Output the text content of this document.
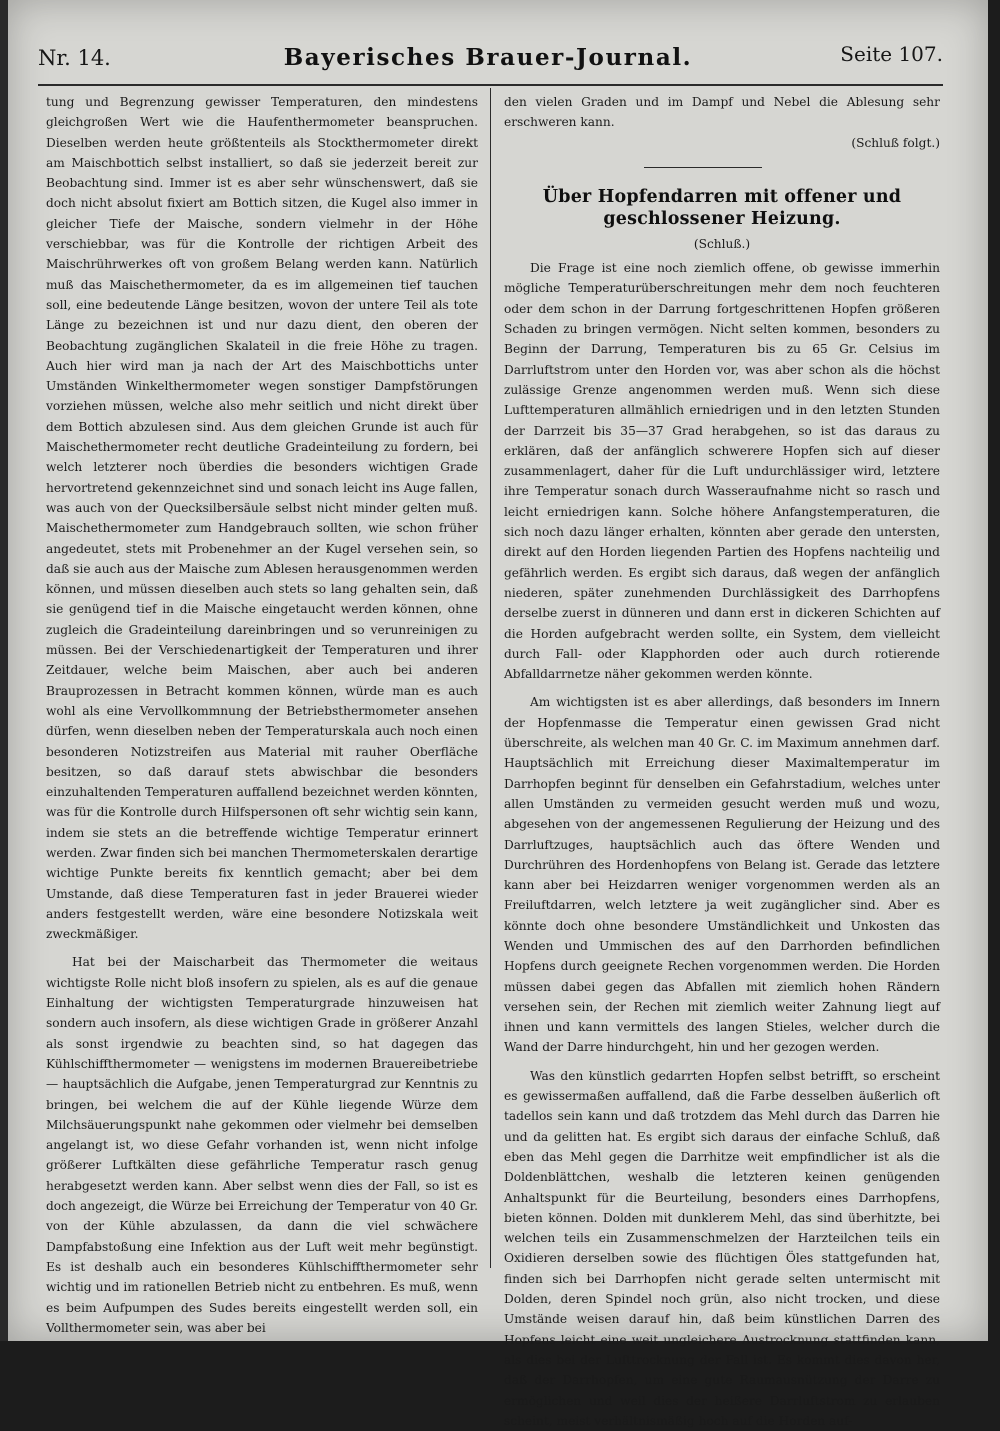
Nr. 14.	Bayerisches Brauer-Journal.	Seite 107.

tung und Begrenzung gewisser Temperaturen, den mindestens gleichgroßen Wert wie die Haufenthermometer beanspruchen. Dieselben werden heute größtenteils als Stockthermometer direkt am Maischbottich selbst installiert, so daß sie jederzeit bereit zur Beobachtung sind. Immer ist es aber sehr wünschenswert, daß sie doch nicht absolut fixiert am Bottich sitzen, die Kugel also immer in gleicher Tiefe der Maische, sondern vielmehr in der Höhe verschiebbar, was für die Kontrolle der richtigen Arbeit des Maischrührwerkes oft von großem Belang werden kann. Natürlich muß das Maischethermometer, da es im allgemeinen tief tauchen soll, eine bedeutende Länge besitzen, wovon der untere Teil als tote Länge zu bezeichnen ist und nur dazu dient, den oberen der Beobachtung zugänglichen Skalateil in die freie Höhe zu tragen. Auch hier wird man ja nach der Art des Maischbottichs unter Umständen Winkelthermometer wegen sonstiger Dampfstörungen vorziehen müssen, welche also mehr seitlich und nicht direkt über dem Bottich abzulesen sind. Aus dem gleichen Grunde ist auch für Maischethermometer recht deutliche Gradeinteilung zu fordern, bei welch letzterer noch überdies die besonders wichtigen Grade hervortretend gekennzeichnet sind und sonach leicht ins Auge fallen, was auch von der Quecksilbersäule selbst nicht minder gelten muß. Maischethermometer zum Handgebrauch sollten, wie schon früher angedeutet, stets mit Probenehmer an der Kugel versehen sein, so daß sie auch aus der Maische zum Ablesen herausgenommen werden können, und müssen dieselben auch stets so lang gehalten sein, daß sie genügend tief in die Maische eingetaucht werden können, ohne zugleich die Gradeinteilung dareinbringen und so verunreinigen zu müssen. Bei der Verschiedenartigkeit der Temperaturen und ihrer Zeitdauer, welche beim Maischen, aber auch bei anderen Brauprozessen in Betracht kommen können, würde man es auch wohl als eine Vervollkommnung der Betriebsthermometer ansehen dürfen, wenn dieselben neben der Temperaturskala auch noch einen besonderen Notizstreifen aus Material mit rauher Oberfläche besitzen, so daß darauf stets abwischbar die besonders einzuhaltenden Temperaturen auffallend bezeichnet werden könnten, was für die Kontrolle durch Hilfspersonen oft sehr wichtig sein kann, indem sie stets an die betreffende wichtige Temperatur erinnert werden. Zwar finden sich bei manchen Thermometerskalen derartige wichtige Punkte bereits fix kenntlich gemacht; aber bei dem Umstande, daß diese Temperaturen fast in jeder Brauerei wieder anders festgestellt werden, wäre eine besondere Notizskala weit zweckmäßiger.

Hat bei der Maischarbeit das Thermometer die weitaus wichtigste Rolle nicht bloß insofern zu spielen, als es auf die genaue Einhaltung der wichtigsten Temperaturgrade hinzuweisen hat sondern auch insofern, als diese wichtigen Grade in größerer Anzahl als sonst irgendwie zu beachten sind, so hat dagegen das Kühlschiffthermometer — wenigstens im modernen Brauereibetriebe — hauptsächlich die Aufgabe, jenen Temperaturgrad zur Kenntnis zu bringen, bei welchem die auf der Kühle liegende Würze dem Milchsäuerungspunkt nahe gekommen oder vielmehr bei demselben angelangt ist, wo diese Gefahr vorhanden ist, wenn nicht infolge größerer Luftkälten diese gefährliche Temperatur rasch genug herabgesetzt werden kann. Aber selbst wenn dies der Fall, so ist es doch angezeigt, die Würze bei Erreichung der Temperatur von 40 Gr. von der Kühle abzulassen, da dann die viel schwächere Dampfabstoßung eine Infektion aus der Luft weit mehr begünstigt. Es ist deshalb auch ein besonderes Kühlschiffthermometer sehr wichtig und im rationellen Betrieb nicht zu entbehren. Es muß, wenn es beim Aufpumpen des Sudes bereits eingestellt werden soll, ein Vollthermometer sein, was aber bei

den vielen Graden und im Dampf und Nebel die Ablesung sehr erschweren kann.

(Schluß folgt.)
Über Hopfendarren mit offener und geschlossener Heizung.
(Schluß.)

Die Frage ist eine noch ziemlich offene, ob gewisse immerhin mögliche Temperaturüberschreitungen mehr dem noch feuchteren oder dem schon in der Darrung fortgeschrittenen Hopfen größeren Schaden zu bringen vermögen. Nicht selten kommen, besonders zu Beginn der Darrung, Temperaturen bis zu 65 Gr. Celsius im Darrluftstrom unter den Horden vor, was aber schon als die höchst zulässige Grenze angenommen werden muß. Wenn sich diese Lufttemperaturen allmählich erniedrigen und in den letzten Stunden der Darrzeit bis 35—37 Grad herabgehen, so ist das daraus zu erklären, daß der anfänglich schwerere Hopfen sich auf dieser zusammenlagert, daher für die Luft undurchlässiger wird, letztere ihre Temperatur sonach durch Wasseraufnahme nicht so rasch und leicht erniedrigen kann. Solche höhere Anfangstemperaturen, die sich noch dazu länger erhalten, könnten aber gerade den untersten, direkt auf den Horden liegenden Partien des Hopfens nachteilig und gefährlich werden. Es ergibt sich daraus, daß wegen der anfänglich niederen, später zunehmenden Durchlässigkeit des Darrhopfens derselbe zuerst in dünneren und dann erst in dickeren Schichten auf die Horden aufgebracht werden sollte, ein System, dem vielleicht durch Fall- oder Klapphorden oder auch durch rotierende Abfalldarrnetze näher gekommen werden könnte.

Am wichtigsten ist es aber allerdings, daß besonders im Innern der Hopfenmasse die Temperatur einen gewissen Grad nicht überschreite, als welchen man 40 Gr. C. im Maximum annehmen darf. Hauptsächlich mit Erreichung dieser Maximaltemperatur im Darrhopfen beginnt für denselben ein Gefahrstadium, welches unter allen Umständen zu vermeiden gesucht werden muß und wozu, abgesehen von der angemessenen Regulierung der Heizung und des Darrluftzuges, hauptsächlich auch das öftere Wenden und Durchrühren des Hordenhopfens von Belang ist. Gerade das letztere kann aber bei Heizdarren weniger vorgenommen werden als an Freiluftdarren, welch letztere ja weit zugänglicher sind. Aber es könnte doch ohne besondere Umständlichkeit und Unkosten das Wenden und Ummischen des auf den Darrhorden befindlichen Hopfens durch geeignete Rechen vorgenommen werden. Die Horden müssen dabei gegen das Abfallen mit ziemlich hohen Rändern versehen sein, der Rechen mit ziemlich weiter Zahnung liegt auf ihnen und kann vermittels des langen Stieles, welcher durch die Wand der Darre hindurchgeht, hin und her gezogen werden.

Was den künstlich gedarrten Hopfen selbst betrifft, so erscheint es gewissermaßen auffallend, daß die Farbe desselben äußerlich oft tadellos sein kann und daß trotzdem das Mehl durch das Darren hie und da gelitten hat. Es ergibt sich daraus der einfache Schluß, daß eben das Mehl gegen die Darrhitze weit empfindlicher ist als die Doldenblättchen, weshalb die letzteren keinen genügenden Anhaltspunkt für die Beurteilung, besonders eines Darrhopfens, bieten können. Dolden mit dunklerem Mehl, das sind überhitzte, bei welchen teils ein Zusammenschmelzen der Harzteilchen teils ein Oxidieren derselben sowie des flüchtigen Öles stattgefunden hat, finden sich bei Darrhopfen nicht gerade selten untermischt mit Dolden, deren Spindel noch grün, also nicht trocken, und diese Umstände weisen darauf hin, daß beim künstlichen Darren des Hopfens leicht eine weit ungleichere Austrocknung stattfinden kann, als dies bei der Lufttrocknung der Fall ist. Es kommt dies davon her, daß der Darrhopfen, um eine gute Raumausnützung der Darre zu ermöglichen und weil dies der heißere Darrluftstrom zu erlauben scheint, meist verhältnismäßig hoch auf die Horden auf-
